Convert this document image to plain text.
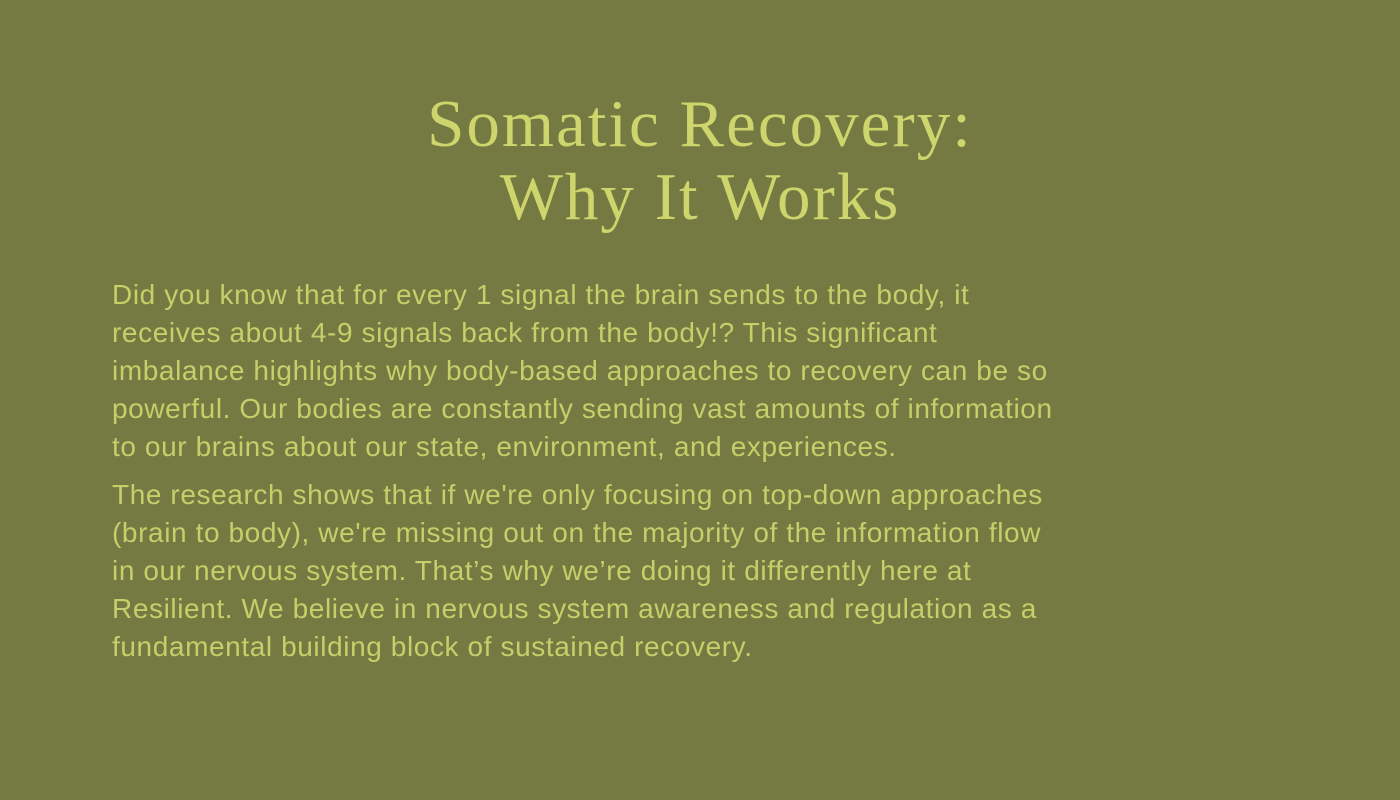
Somatic Recovery:
Why It Works

Did you know that for every 1 signal the brain sends to the body, it
receives about 4-9 signals back from the body!? This significant
imbalance highlights why body-based approaches to recovery can be so
powerful. Our bodies are constantly sending vast amounts of information
to our brains about our state, environment, and experiences.

The research shows that if we're only focusing on top-down approaches
(brain to body), we're missing out on the majority of the information flow
in our nervous system. That’s why we’re doing it differently here at
Resilient. We believe in nervous system awareness and regulation as a
fundamental building block of sustained recovery.
